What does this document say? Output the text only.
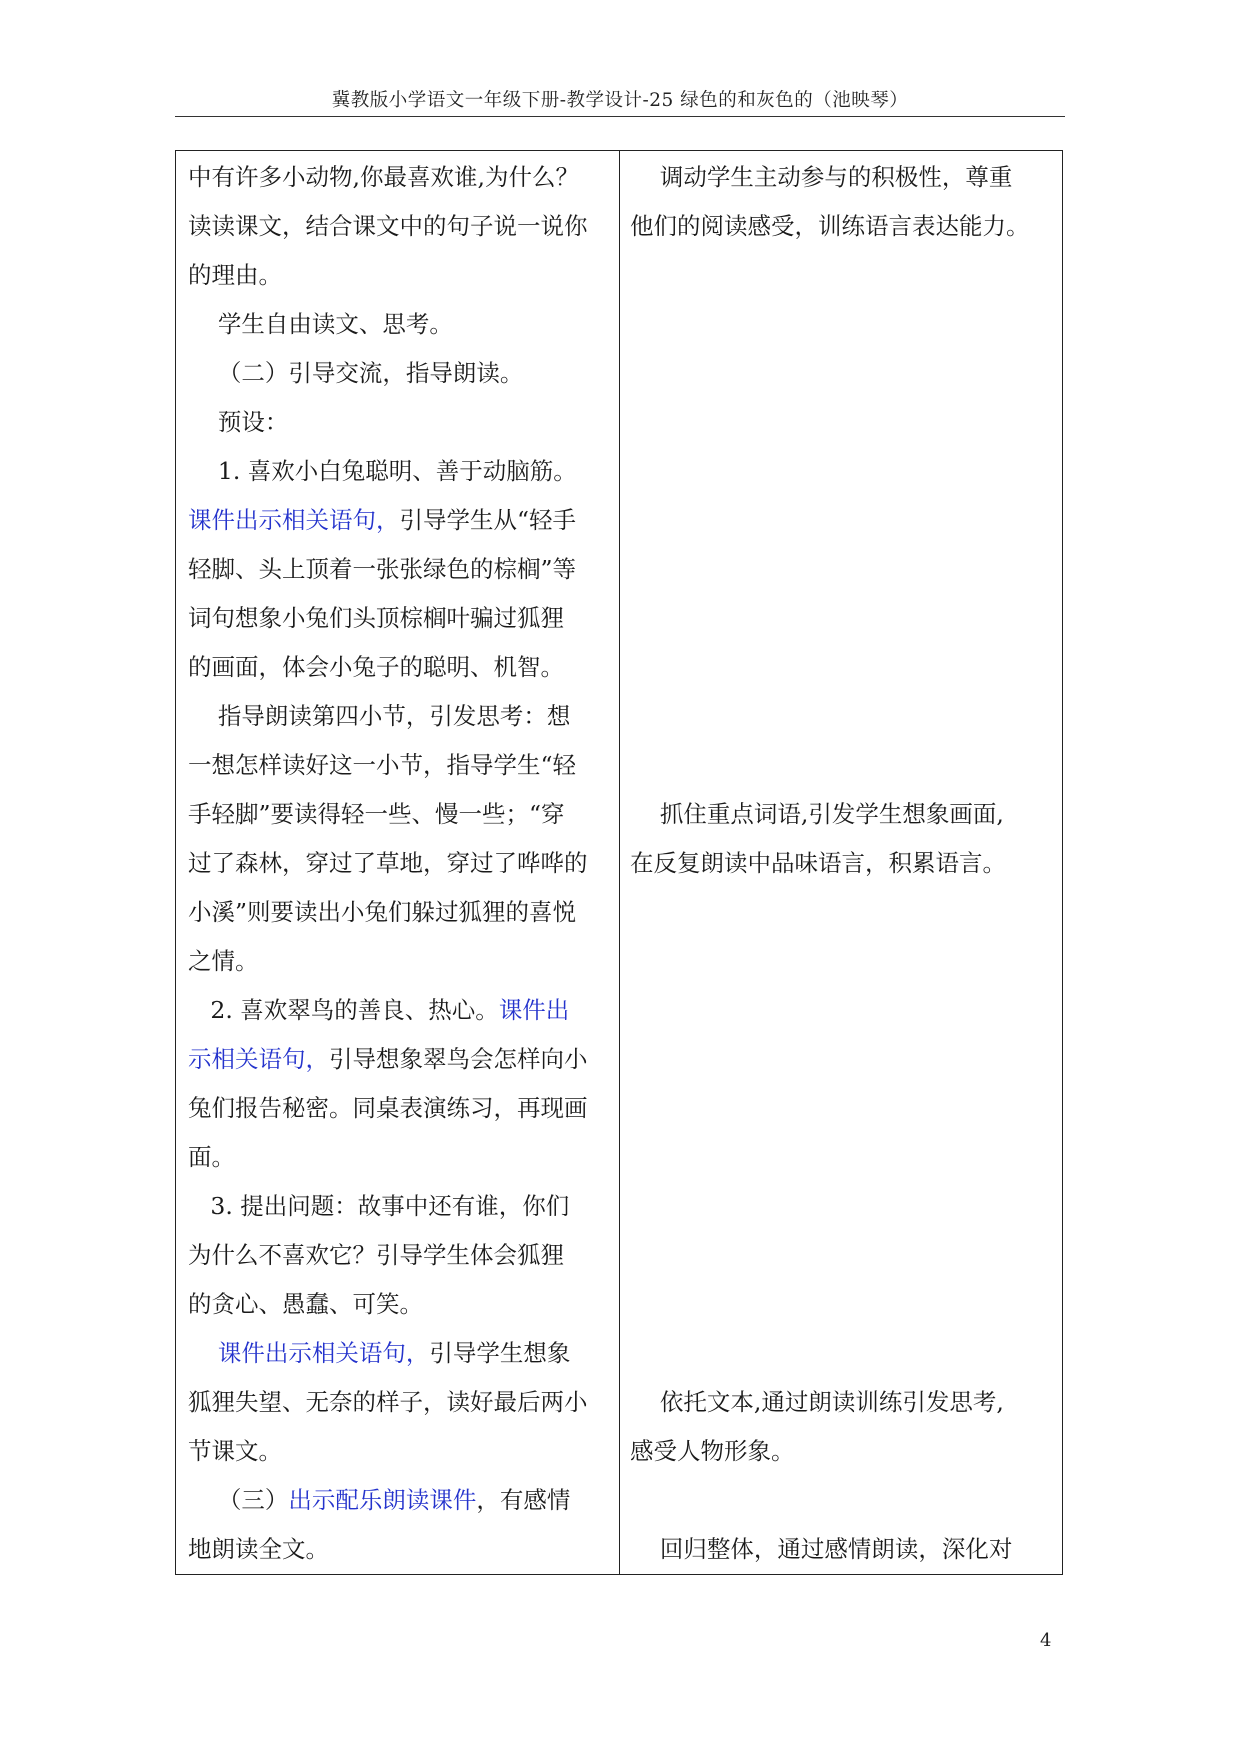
冀教版小学语文一年级下册-教学设计-25 绿色的和灰色的（池映琴）
中有许多小动物,你最喜欢谁,为什么？
读读课文，结合课文中的句子说一说你
的理由。
学生自由读文、思考。
（二）引导交流，指导朗读。
预设：
1. 喜欢小白兔聪明、善于动脑筋。
课件出示相关语句，引导学生从“轻手
轻脚、头上顶着一张张绿色的棕榈”等
词句想象小兔们头顶棕榈叶骗过狐狸
的画面，体会小兔子的聪明、机智。
指导朗读第四小节，引发思考：想
一想怎样读好这一小节，指导学生“轻
手轻脚”要读得轻一些、慢一些；“穿
过了森林，穿过了草地，穿过了哗哗的
小溪”则要读出小兔们躲过狐狸的喜悦
之情。
2. 喜欢翠鸟的善良、热心。课件出
示相关语句，引导想象翠鸟会怎样向小
兔们报告秘密。同桌表演练习，再现画
面。
3. 提出问题：故事中还有谁，你们
为什么不喜欢它？引导学生体会狐狸
的贪心、愚蠢、可笑。
课件出示相关语句，引导学生想象
狐狸失望、无奈的样子，读好最后两小
节课文。
（三）出示配乐朗读课件，有感情
地朗读全文。
调动学生主动参与的积极性，尊重
他们的阅读感受，训练语言表达能力。
抓住重点词语,引发学生想象画面,
在反复朗读中品味语言，积累语言。
依托文本,通过朗读训练引发思考,
感受人物形象。
回归整体，通过感情朗读，深化对
4
